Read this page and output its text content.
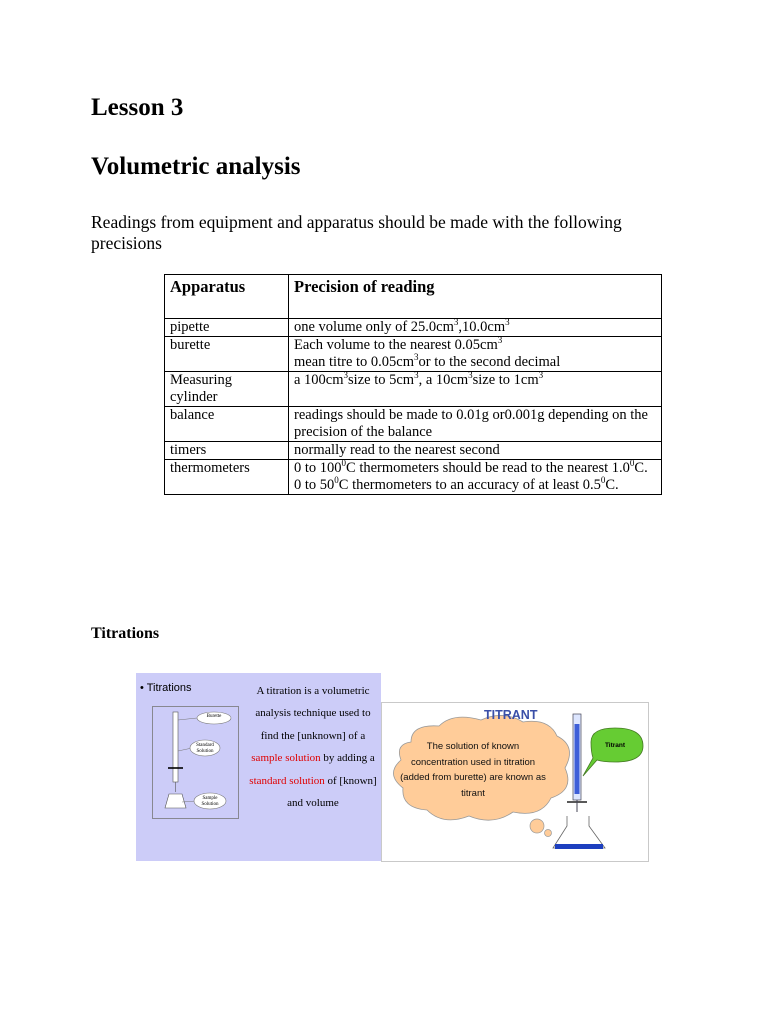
Lesson 3
Volumetric analysis
Readings from equipment and apparatus should be made with the following precisions
Apparatus	Precision of reading
pipette	one volume only of $25.0cm^3,10.0cm^3$
burette	Each volume to the nearest $0.05cm^3$
mean titre to $0.05cm^3or$ to the second decimal
Measuring cylinder	a $100cm^3size$ to $5cm^3$, a $10cm^3size$ to $1cm^3$
balance	readings should be made to 0.01g or0.001g depending on the precision of the balance
timers	normally read to the nearest second
thermometers	0 to $100^0C$ thermometers should be read to the nearest $1.0^0C$.
0 to $50^0C$ thermometers to an accuracy of at least $0.5^0C$.
Titrations
• Titrations
Burette
Standard Solution
Sample Solution
A titration is a volumetric analysis technique used to find the [unknown] of a sample solution by adding a standard solution of [known] and volume
TITRANT
The solution of known concentration used in titration (added from burette) are known as titrant
Titrant
